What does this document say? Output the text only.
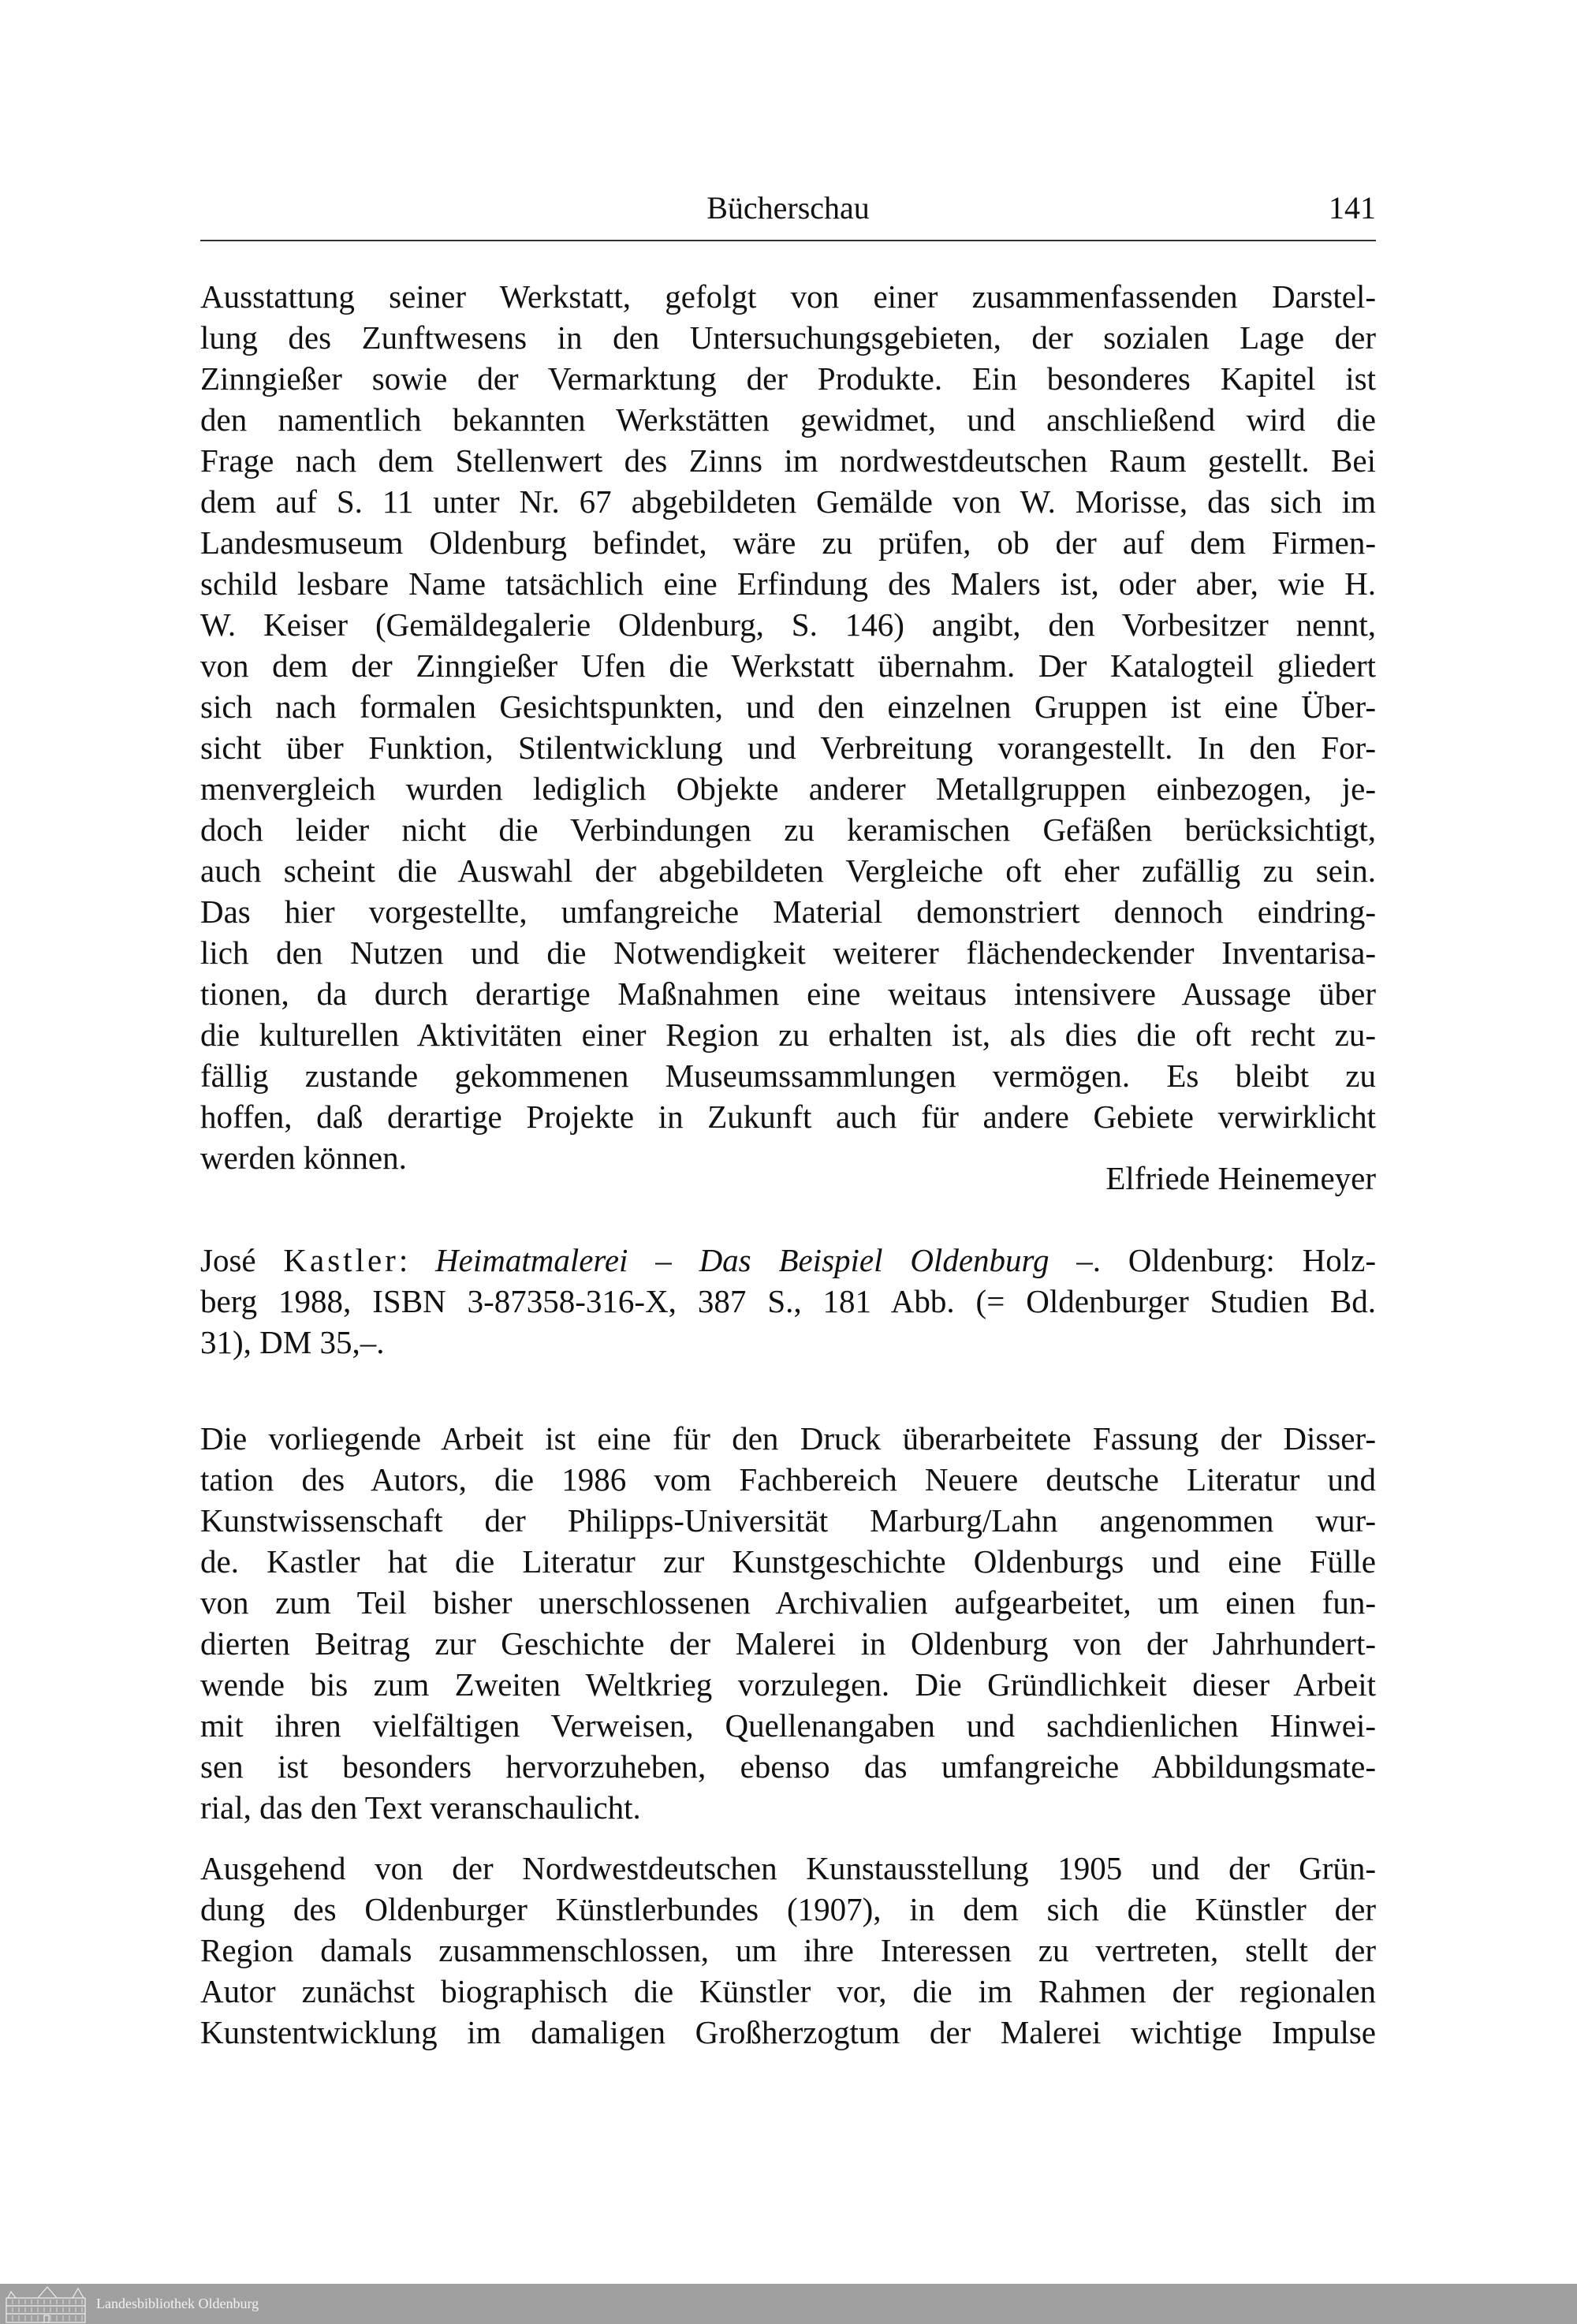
Bücherschau	141
Ausstattung seiner Werkstatt, gefolgt von einer zusammenfassenden Darstel-
lung des Zunftwesens in den Untersuchungsgebieten, der sozialen Lage der
Zinngießer sowie der Vermarktung der Produkte. Ein besonderes Kapitel ist
den namentlich bekannten Werkstätten gewidmet, und anschließend wird die
Frage nach dem Stellenwert des Zinns im nordwestdeutschen Raum gestellt. Bei
dem auf S. 11 unter Nr. 67 abgebildeten Gemälde von W. Morisse, das sich im
Landesmuseum Oldenburg befindet, wäre zu prüfen, ob der auf dem Firmen-
schild lesbare Name tatsächlich eine Erfindung des Malers ist, oder aber, wie H.
W. Keiser (Gemäldegalerie Oldenburg, S. 146) angibt, den Vorbesitzer nennt,
von dem der Zinngießer Ufen die Werkstatt übernahm. Der Katalogteil gliedert
sich nach formalen Gesichtspunkten, und den einzelnen Gruppen ist eine Über-
sicht über Funktion, Stilentwicklung und Verbreitung vorangestellt. In den For-
menvergleich wurden lediglich Objekte anderer Metallgruppen einbezogen, je-
doch leider nicht die Verbindungen zu keramischen Gefäßen berücksichtigt,
auch scheint die Auswahl der abgebildeten Vergleiche oft eher zufällig zu sein.
Das hier vorgestellte, umfangreiche Material demonstriert dennoch eindring-
lich den Nutzen und die Notwendigkeit weiterer flächendeckender Inventarisa-
tionen, da durch derartige Maßnahmen eine weitaus intensivere Aussage über
die kulturellen Aktivitäten einer Region zu erhalten ist, als dies die oft recht zu-
fällig zustande gekommenen Museumssammlungen vermögen. Es bleibt zu
hoffen, daß derartige Projekte in Zukunft auch für andere Gebiete verwirklicht
werden können.
Elfriede Heinemeyer
José Kastler: Heimatmalerei – Das Beispiel Oldenburg –. Oldenburg: Holz-
berg 1988, ISBN 3-87358-316-X, 387 S., 181 Abb. (= Oldenburger Studien Bd.
31), DM 35,–.
Die vorliegende Arbeit ist eine für den Druck überarbeitete Fassung der Disser-
tation des Autors, die 1986 vom Fachbereich Neuere deutsche Literatur und
Kunstwissenschaft der Philipps-Universität Marburg/Lahn angenommen wur-
de. Kastler hat die Literatur zur Kunstgeschichte Oldenburgs und eine Fülle
von zum Teil bisher unerschlossenen Archivalien aufgearbeitet, um einen fun-
dierten Beitrag zur Geschichte der Malerei in Oldenburg von der Jahrhundert-
wende bis zum Zweiten Weltkrieg vorzulegen. Die Gründlichkeit dieser Arbeit
mit ihren vielfältigen Verweisen, Quellenangaben und sachdienlichen Hinwei-
sen ist besonders hervorzuheben, ebenso das umfangreiche Abbildungsmate-
rial, das den Text veranschaulicht.
Ausgehend von der Nordwestdeutschen Kunstausstellung 1905 und der Grün-
dung des Oldenburger Künstlerbundes (1907), in dem sich die Künstler der
Region damals zusammenschlossen, um ihre Interessen zu vertreten, stellt der
Autor zunächst biographisch die Künstler vor, die im Rahmen der regionalen
Kunstentwicklung im damaligen Großherzogtum der Malerei wichtige Impulse
Landesbibliothek Oldenburg
